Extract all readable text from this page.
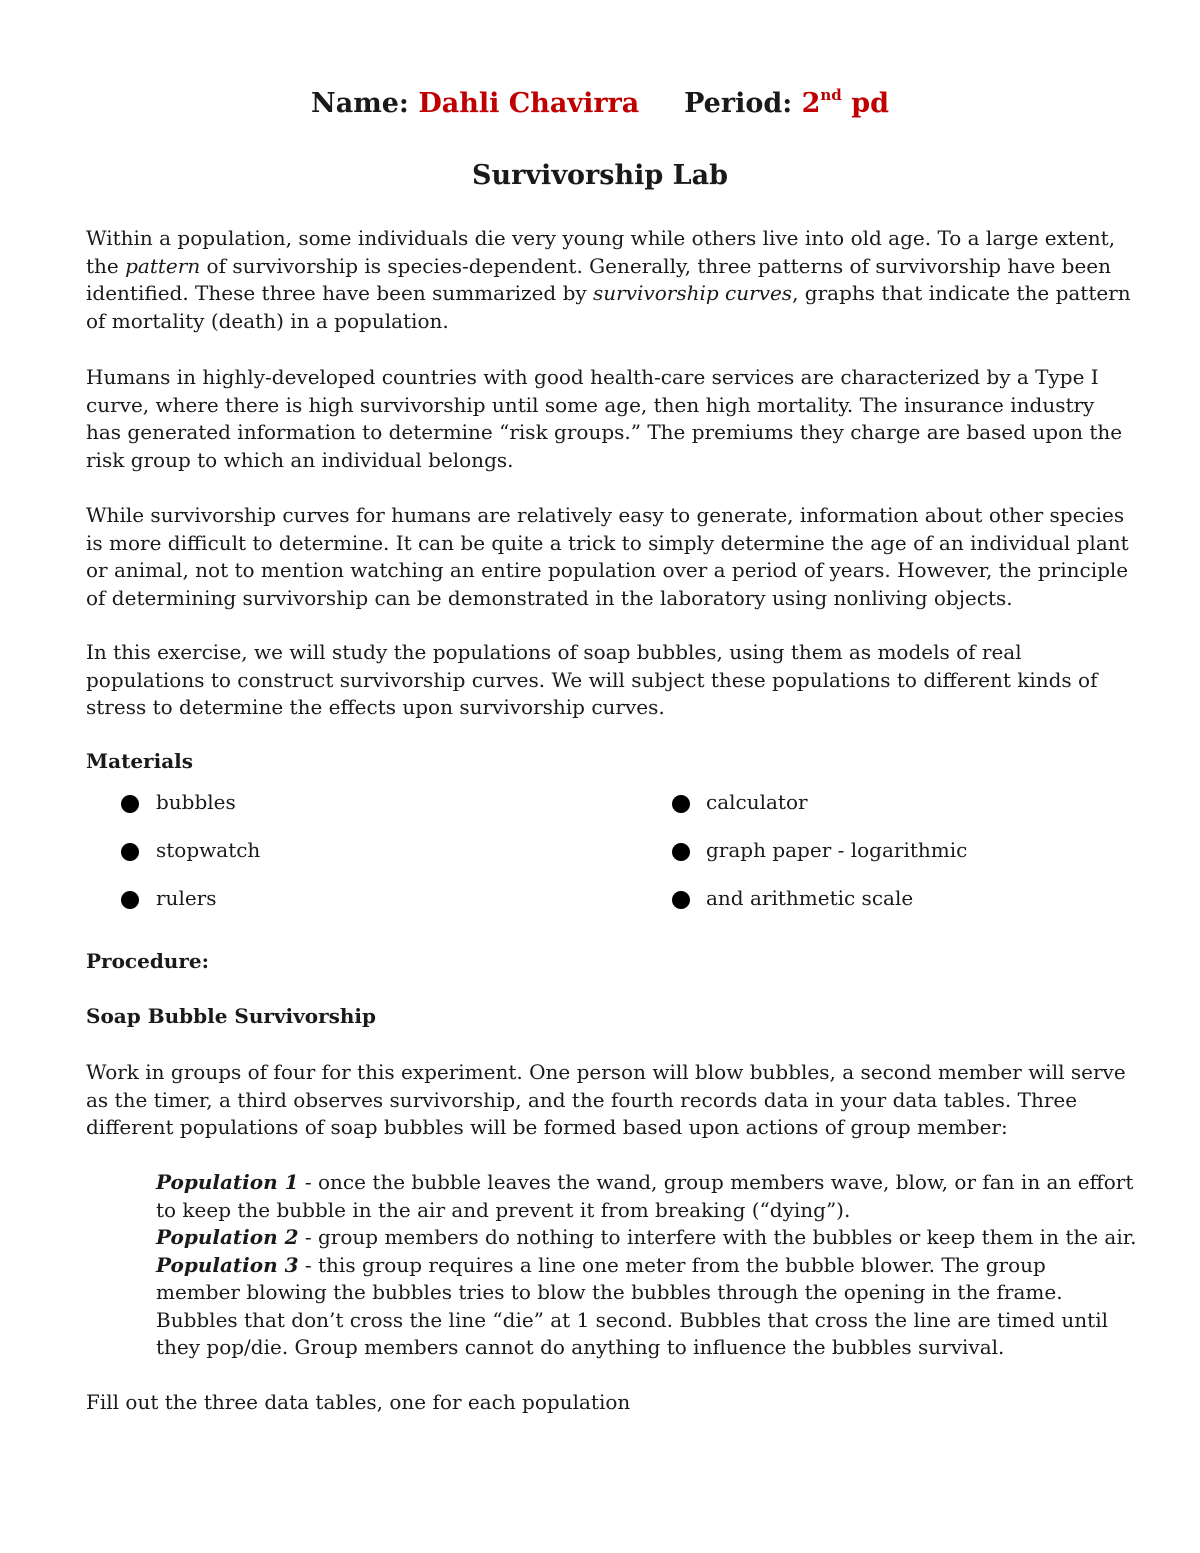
Name: Dahli Chavirra Period: 2nd pd
Survivorship Lab

Within a population, some individuals die very young while others live into old age. To a large extent,

the pattern of survivorship is species-dependent. Generally, three patterns of survivorship have been

identified. These three have been summarized by survivorship curves, graphs that indicate the pattern

of mortality (death) in a population.

Humans in highly-developed countries with good health-care services are characterized by a Type I

curve, where there is high survivorship until some age, then high mortality. The insurance industry

has generated information to determine “risk groups.” The premiums they charge are based upon the

risk group to which an individual belongs.

While survivorship curves for humans are relatively easy to generate, information about other species

is more difficult to determine. It can be quite a trick to simply determine the age of an individual plant

or animal, not to mention watching an entire population over a period of years. However, the principle

of determining survivorship can be demonstrated in the laboratory using nonliving objects.

In this exercise, we will study the populations of soap bubbles, using them as models of real

populations to construct survivorship curves. We will subject these populations to different kinds of

stress to determine the effects upon survivorship curves.

Materials
bubbles
stopwatch
rulers
calculator
graph paper - logarithmic
and arithmetic scale
Procedure:
Soap Bubble Survivorship

Work in groups of four for this experiment. One person will blow bubbles, a second member will serve

as the timer, a third observes survivorship, and the fourth records data in your data tables. Three

different populations of soap bubbles will be formed based upon actions of group member:

Population 1 - once the bubble leaves the wand, group members wave, blow, or fan in an effort

to keep the bubble in the air and prevent it from breaking (“dying”).

Population 2 - group members do nothing to interfere with the bubbles or keep them in the air.

Population 3 - this group requires a line one meter from the bubble blower. The group

member blowing the bubbles tries to blow the bubbles through the opening in the frame.

Bubbles that don’t cross the line “die” at 1 second. Bubbles that cross the line are timed until

they pop/die. Group members cannot do anything to influence the bubbles survival.

Fill out the three data tables, one for each population
